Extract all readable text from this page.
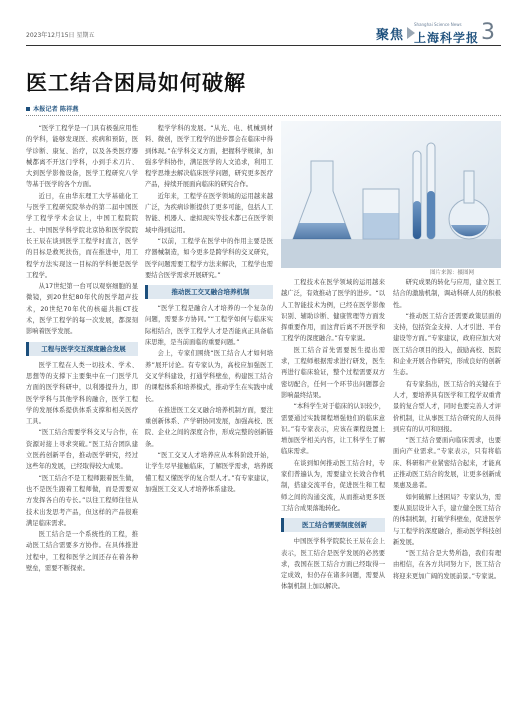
2023年12月15日 星期五	聚焦
Shanghai Science News
上海科学报 3
医工结合困局如何破解
本报记者 陈祥燕
图片来源：摄图网

“医学工程学是一门具有极强应用性的学科，能够发现医、疾病和预防，医学诊断、康复、治疗，以及各类医疗器械都离不开这门学科，小到手术刀片、大到医学影像设备，医学工程研究八学等基于医学的各个方面。

近日，在由华东理工大学基础化工与医学工程研究院举办的第二届中国医学工程学学术会议上，中国工程院院士、中国医学科学院北京协和医学院院长王辰在谈到医学工程学时直言，医学的目标是救死扶伤，而在推进中，用工程学方法实现这一目标的学科便是医学工程学。

从17世纪第一台可以观察细胞的显微镜，到20世纪80年代的医学超声技术，20世纪70年代的核磁共振CT技术，医学工程学的每一次发展，都深刻影响着医学发展。

工程与医学交互深度融合发展

医学工程在人类一切技术、学术、思想等的支撑下主要集中在一门医学几方面的医学科研中，以利器提升力，即医学学科与其他学科的融合，医学工程学的发展体系提供体系支撑和相关医疗工具。

“医工结合需要学科交叉与合作，在资源对接上寻求突破。”医工结合团队建立医药创新平台，推动医学研究，经过这些年的发展，已经取得较大成果。

“医工结合不是工程师跟着医生做，也不是医生跟着工程师做，而是需要双方发挥各自的专长。”以往工程师往往从技术出发思考产品，但这样的产品很难满足临床需求。

医工结合是一个系统性的工程，推动医工结合需要多方协作。在具体推进过程中，工程和医学之间还存在着各种壁垒，需要不断探索。

程学学科的发展。“从光、电、机械到材料、微创，医学工程学的进步都会在临床中得到体现。”在学科交叉方面，把握科学规律，加强多学科协作，满足医学的人文追求，利用工程学思维去解决临床医学问题，研究更多医疗产品，持续开展面向临床的研究合作。

近年来，工程学在医学领域的运用越来越广泛，为疾病诊断提供了更多可能，包括人工智能、机器人、虚拟现实等技术都已在医学领域中得到运用。

“以前，工程学在医学中的作用主要是医疗器械制造，如今更多是跨学科的交叉研究，医学问题需要工程学方法来解决，工程学也需要结合医学需求开展研究。”

推动医工交叉融合培养机制

“医学工程是融合人才培养的一个复杂的问题，需要多方协同。”“工程学如何与临床实际相结合，医学工程学人才是否能真正具备临床思维，是当前面临的重要问题。”

会上，专家们围绕“医工结合人才如何培养”展开讨论。有专家认为，高校应加强医工交叉学科建设，打通学科壁垒，构建医工结合的课程体系和培养模式，推动学生在实践中成长。

在推进医工交叉融合培养机制方面，要注重创新体系、产学研协同发展，加强高校、医院、企业之间的深度合作，形成完整的创新链条。

“医工交叉人才培养应从本科阶段开始，让学生尽早接触临床，了解医学需求，培养既懂工程又懂医学的复合型人才。”有专家建议，加强医工交叉人才培养体系建设。

工程技术在医学领域的运用越来越广泛，有效推动了医学的进步。“以人工智能技术为例，已经在医学影像识别、辅助诊断、健康管理等方面发挥重要作用，而这背后离不开医学和工程学的深度融合。”有专家说。

医工结合首先需要医生提出需求，工程师根据需求进行研发，医生再进行临床验证，整个过程需要双方密切配合，任何一个环节出问题都会影响最终结果。

“本科学生对于临床的认识较少，需要通过实践课程增强他们的临床意识。”有专家表示，应该在课程设置上增加医学相关内容，让工科学生了解临床需求。

在谈到如何推动医工结合时，专家们普遍认为，需要建立长效合作机制，搭建交流平台，促进医生和工程师之间的沟通交流，从而推动更多医工结合成果落地转化。

医工结合需要制度创新

中国医学科学院院长王辰在会上表示，医工结合是医学发展的必然要求，我国在医工结合方面已经取得一定成效，但仍存在诸多问题，需要从体制机制上加以解决。

研究成果的转化与应用，建立医工结合的激励机制，调动科研人员的积极性。

“推动医工结合还需要政策层面的支持，包括资金支持、人才引进、平台建设等方面。”专家建议，政府应加大对医工结合项目的投入，鼓励高校、医院和企业开展合作研究，形成良好的创新生态。

有专家指出，医工结合的关键在于人才，要培养具有医学和工程学双重背景的复合型人才，同时也要完善人才评价机制，让从事医工结合研究的人员得到应有的认可和回报。

“医工结合要面向临床需求，也要面向产业需求。”专家表示，只有将临床、科研和产业紧密结合起来，才能真正推动医工结合的发展，让更多创新成果惠及患者。

如何破解上述困局？专家认为，需要从顶层设计入手，建立健全医工结合的体制机制，打破学科壁垒，促进医学与工程学的深度融合，推动医学科技创新发展。

“医工结合是大势所趋，我们有理由相信，在各方共同努力下，医工结合将迎来更加广阔的发展前景。”专家说。
